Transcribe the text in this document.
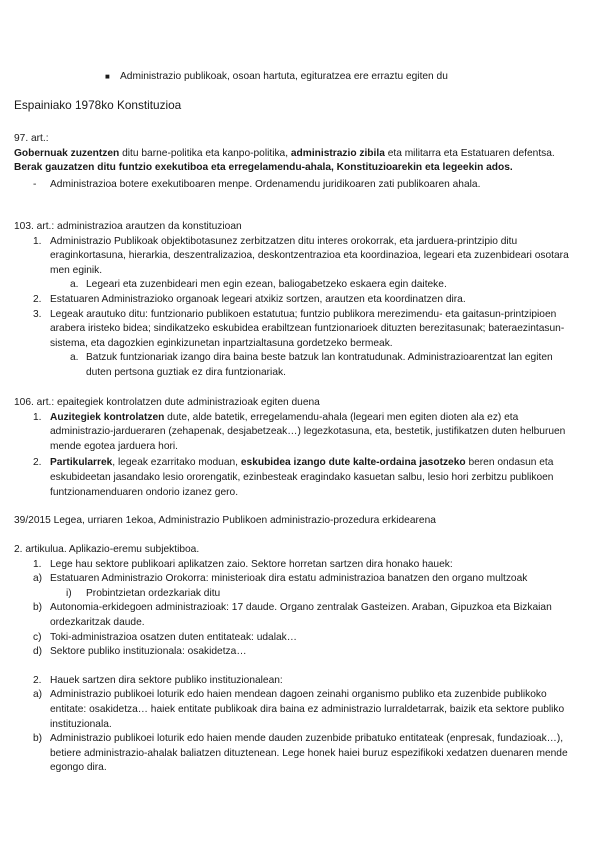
■ Administrazio publikoak, osoan hartuta, egituratzea ere erraztu egiten du

Espainiako 1978ko Konstituzioa

97. art.:

Gobernuak zuzentzen ditu barne-politika eta kanpo-politika, administrazio zibila eta militarra eta Estatuaren defentsa. Berak gauzatzen ditu funtzio exekutiboa eta erregelamendu-ahala, Konstituzioarekin eta legeekin ados.

- Administrazioa botere exekutiboaren menpe. Ordenamendu juridikoaren zati publikoaren ahala.

103. art.: administrazioa arautzen da konstituzioan

1. Administrazio Publikoak objektibotasunez zerbitzatzen ditu interes orokorrak, eta jarduera-printzipio ditu eraginkortasuna, hierarkia, deszentralizazioa, deskontzentrazioa eta koordinazioa, legeari eta zuzenbideari osotara men eginik.

a. Legeari eta zuzenbideari men egin ezean, baliogabetzeko eskaera egin daiteke.

2. Estatuaren Administrazioko organoak legeari atxikiz sortzen, arautzen eta koordinatzen dira.

3. Legeak arautuko ditu: funtzionario publikoen estatutua; funtzio publikora merezimendu- eta gaitasun-printzipioen arabera iristeko bidea; sindikatzeko eskubidea erabiltzean funtzionarioek dituzten berezitasunak; bateraezintasun-sistema, eta dagozkien eginkizunetan inpartzialtasuna gordetzeko bermeak.

a. Batzuk funtzionariak izango dira baina beste batzuk lan kontratudunak. Administrazioarentzat lan egiten duten pertsona guztiak ez dira funtzionariak.

106. art.: epaitegiek kontrolatzen dute administrazioak egiten duena

1. Auzitegiek kontrolatzen dute, alde batetik, erregelamendu-ahala (legeari men egiten dioten ala ez) eta administrazio-jardueraren (zehapenak, desjabetzeak…) legezkotasuna, eta, bestetik, justifikatzen duten helburuen mende egotea jarduera hori.

2. Partikularrek, legeak ezarritako moduan, eskubidea izango dute kalte-ordaina jasotzeko beren ondasun eta eskubideetan jasandako lesio ororengatik, ezinbesteak eragindako kasuetan salbu, lesio hori zerbitzu publikoen funtzionamenduaren ondorio izanez gero.

39/2015 Legea, urriaren 1ekoa, Administrazio Publikoen administrazio-prozedura erkidearena

2. artikulua. Aplikazio-eremu subjektiboa.

1. Lege hau sektore publikoari aplikatzen zaio. Sektore horretan sartzen dira honako hauek:

a) Estatuaren Administrazio Orokorra: ministerioak dira estatu administrazioa banatzen den organo multzoak

i) Probintzietan ordezkariak ditu

b) Autonomia-erkidegoen administrazioak: 17 daude. Organo zentralak Gasteizen. Araban, Gipuzkoa eta Bizkaian ordezkaritzak daude.

c) Toki-administrazioa osatzen duten entitateak: udalak…

d) Sektore publiko instituzionala: osakidetza…

2. Hauek sartzen dira sektore publiko instituzionalean:

a) Administrazio publikoei loturik edo haien mendean dagoen zeinahi organismo publiko eta zuzenbide publikoko entitate: osakidetza… haiek entitate publikoak dira baina ez administrazio lurraldetarrak, baizik eta sektore publiko instituzionala.

b) Administrazio publikoei loturik edo haien mende dauden zuzenbide pribatuko entitateak (enpresak, fundazioak…), betiere administrazio-ahalak baliatzen dituztenean. Lege honek haiei buruz espezifikoki xedatzen duenaren mende egongo dira.
